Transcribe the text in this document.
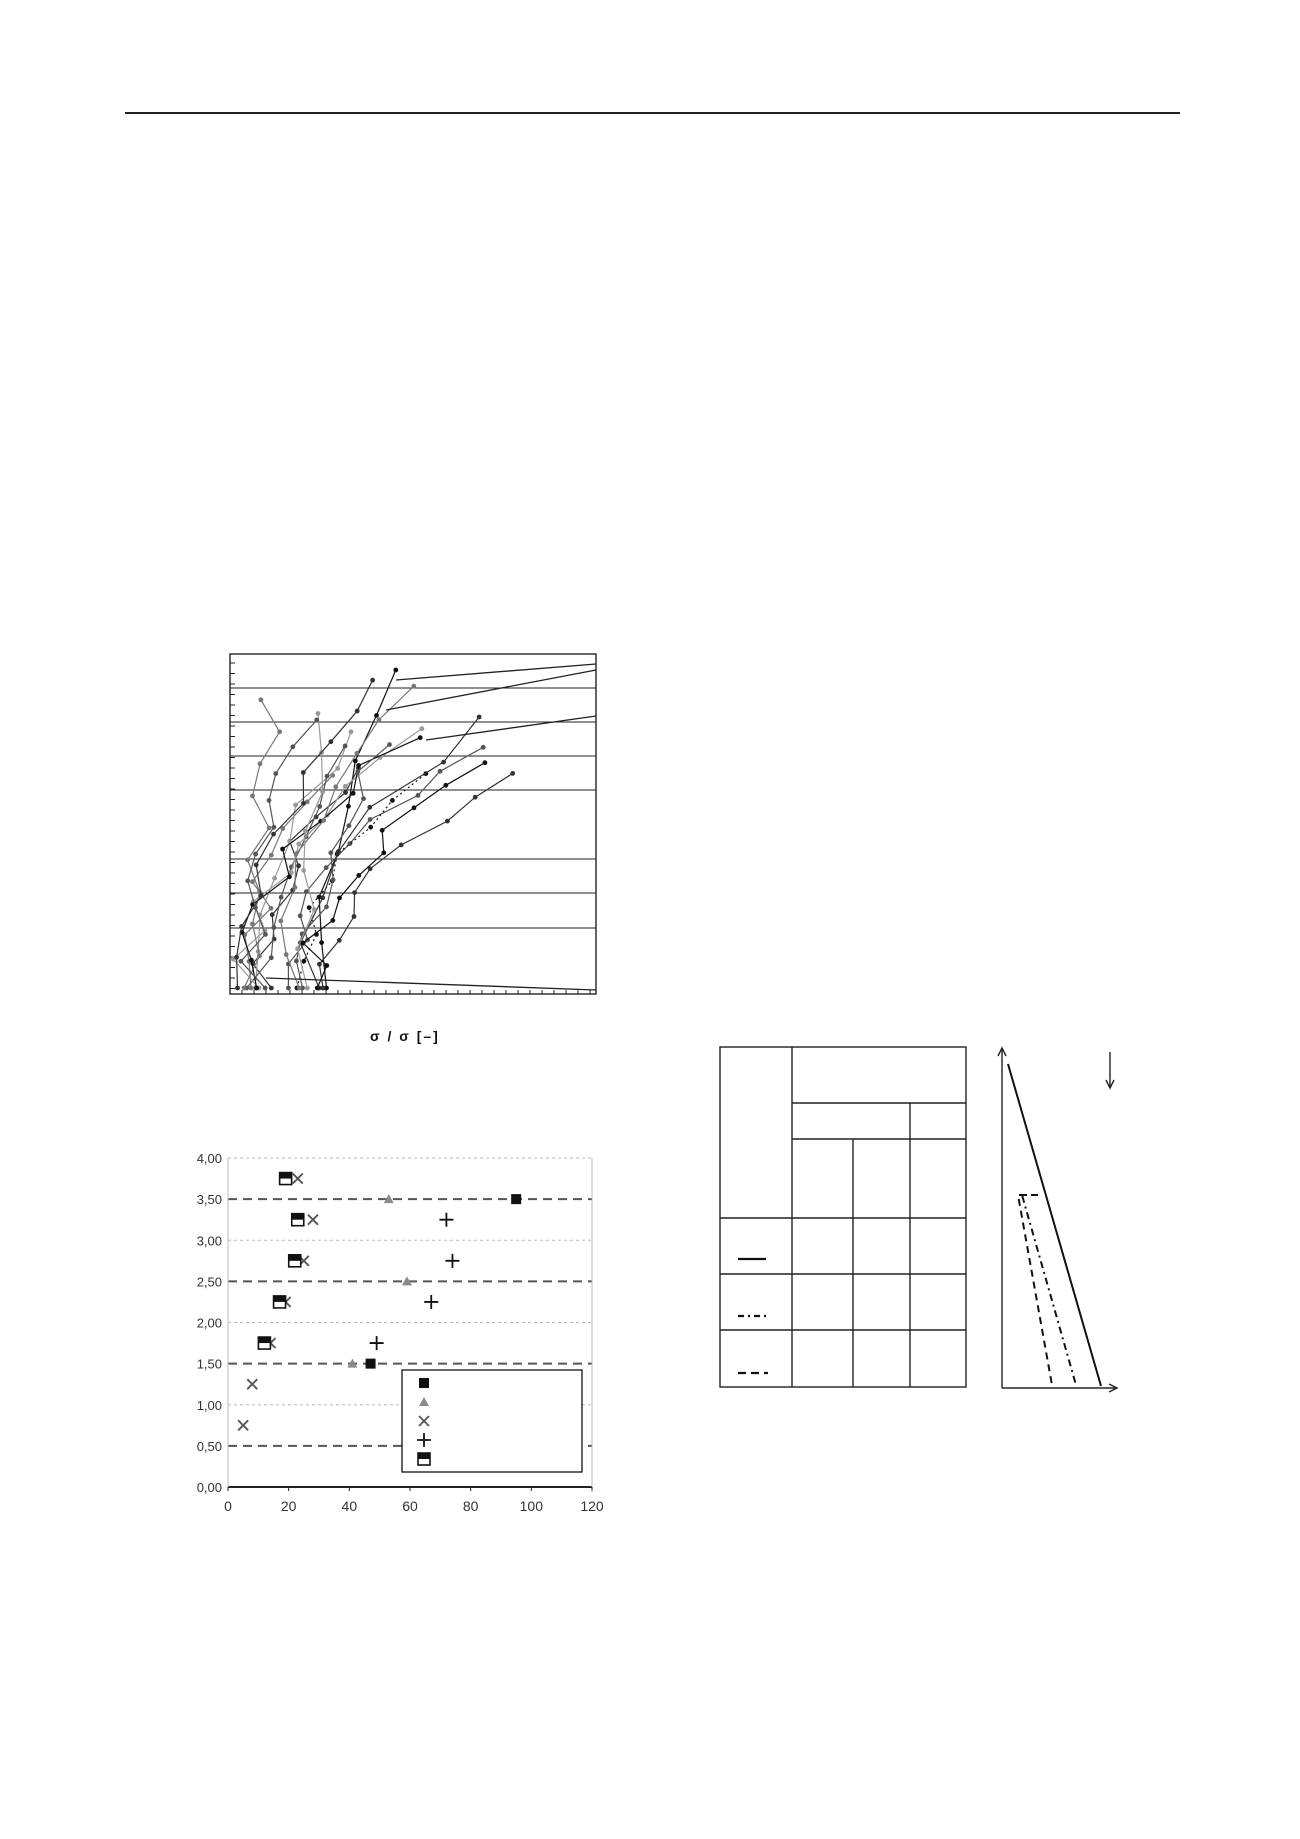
σ / σ [–]
0,00
0,50
1,00
1,50
2,00
2,50
3,00
3,50
4,00
0	20	40	60	80	100	120
